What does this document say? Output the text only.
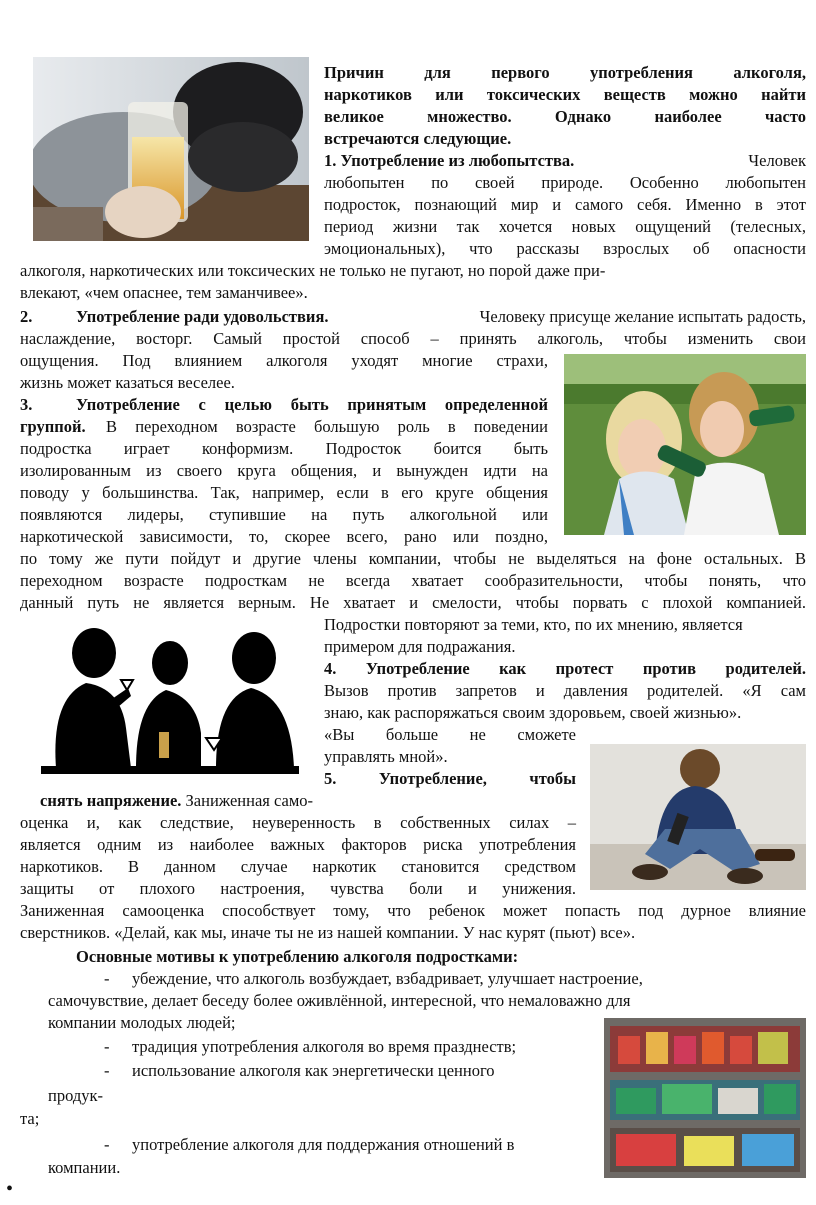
Причин для первого употребления алкоголя,

наркотиков или токсических веществ можно найти

великое множество. Однако наиболее часто

встречаются следующие.

1. Употребление из любопытства.	Человек

любопытен по своей природе. Особенно любопытен

подросток, познающий мир и самого себя. Именно в этот

период жизни так хочется новых ощущений (телесных,

эмоциональных), что рассказы взрослых об опасности

алкоголя, наркотических или токсических не только не пугают, но порой даже при-

влекают, «чем опаснее, тем заманчивее».

2.	Употребление ради удовольствия.	Человеку присуще желание испытать радость,

наслаждение, восторг. Самый простой способ – принять алкоголь, чтобы изменить свои

ощущения. Под влиянием алкоголя уходят многие страхи,

жизнь может казаться веселее.

3.	Употребление с целью быть принятым определенной

группой. В переходном возрасте большую роль в поведении

подростка играет конформизм. Подросток боится быть

изолированным из своего круга общения, и вынужден идти на

поводу у большинства. Так, например, если в его круге общения

появляются лидеры, ступившие на путь алкогольной или

наркотической зависимости, то, скорее всего, рано или поздно,

по тому же пути пойдут и другие члены компании, чтобы не выделяться на фоне остальных. В

переходном возрасте подросткам не всегда хватает сообразительности, чтобы понять, что

данный путь не является верным. Не хватает и смелости, чтобы порвать с плохой компанией.

Подростки повторяют за теми, кто, по их мнению, является

примером для подражания.

4. Употребление как протест против родителей.

Вызов против запретов и давления родителей. «Я сам

знаю, как распоряжаться своим здоровьем, своей жизнью».

«Вы больше не сможете

управлять мной».

5. Употребление, чтобы

снять напряжение. Заниженная само-

оценка и, как следствие, неуверенность в собственных силах –

является одним из наиболее важных факторов риска употребления

наркотиков. В данном случае наркотик становится средством

защиты от плохого настроения, чувства боли и унижения.

Заниженная самооценка способствует тому, что ребенок может попасть под дурное влияние

сверстников. «Делай, как мы, иначе ты не из нашей компании. У нас курят (пьют) все».

Основные мотивы к употреблению алкоголя подростками:

- убеждение, что алкоголь возбуждает, взбадривает, улучшает настроение,

самочувствие, делает беседу более оживлённой, интересной, что немаловажно для

компании молодых людей;

- традиция употребления алкоголя во время празднеств;

- использование алкоголя как энергетически ценного

продук-

та;

- употребление алкоголя для поддержания отношений в

компании.

•
